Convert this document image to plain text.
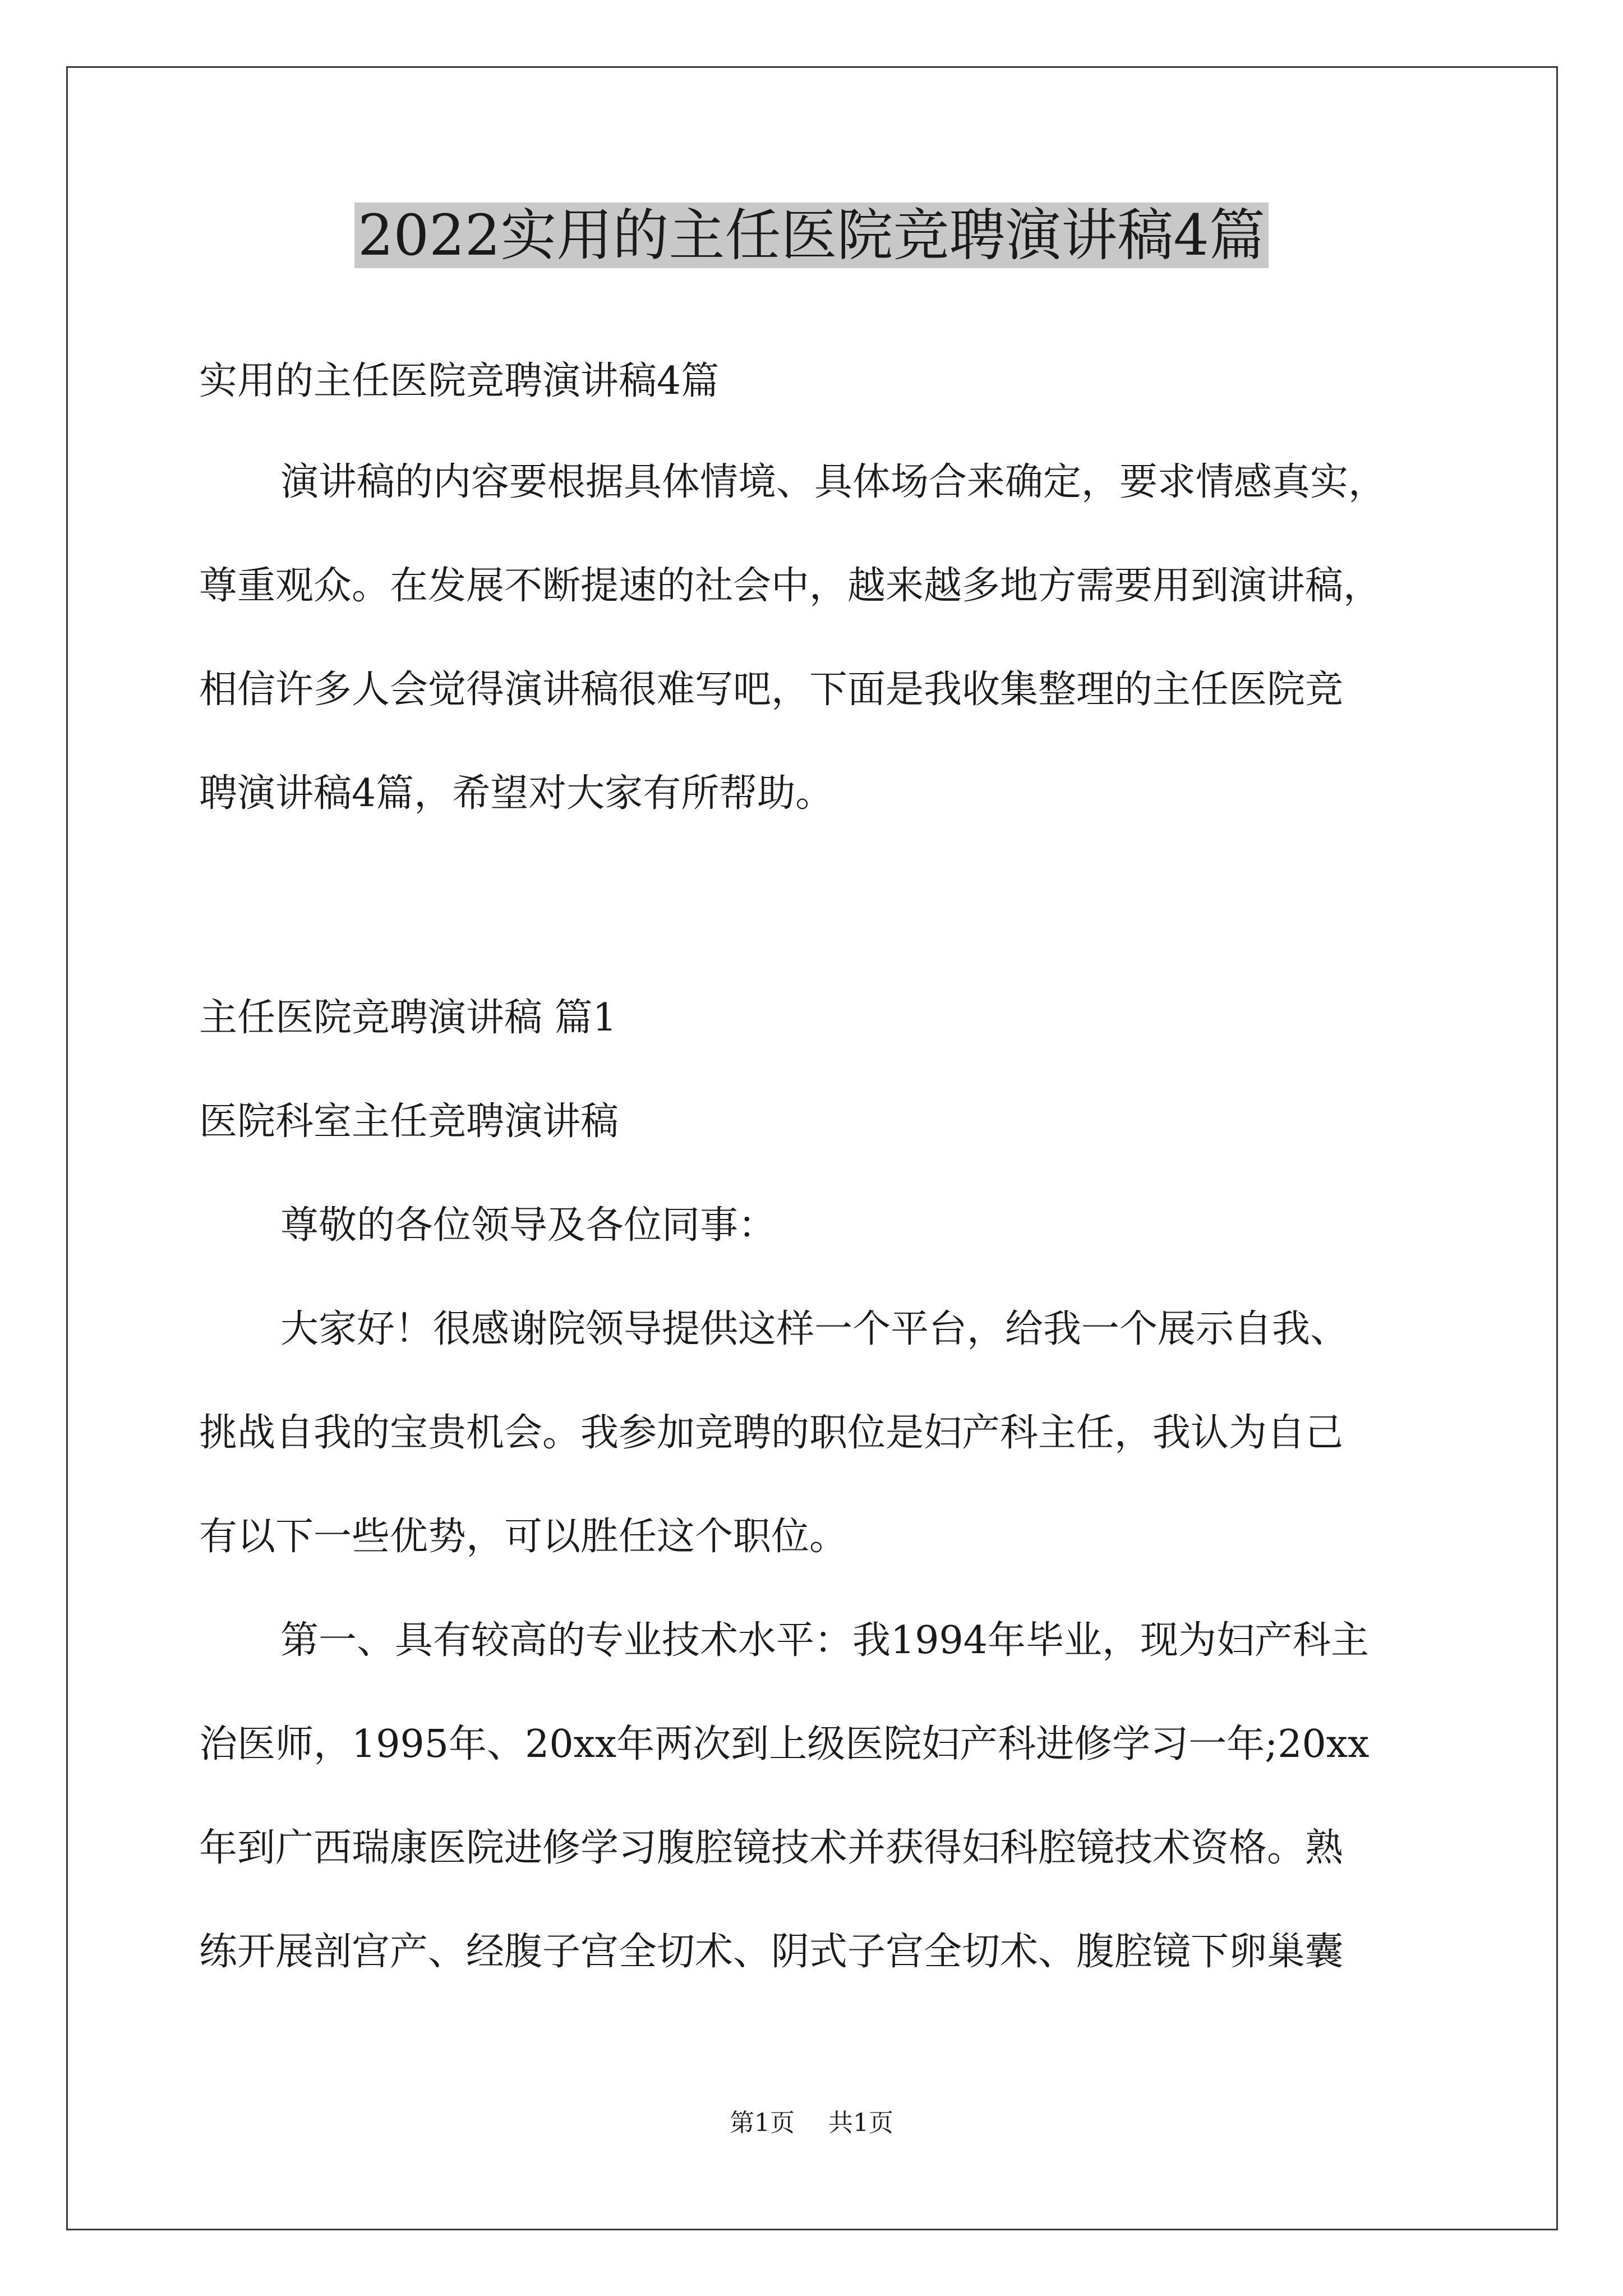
2022实用的主任医院竞聘演讲稿4篇
实用的主任医院竞聘演讲稿4篇
演讲稿的内容要根据具体情境、具体场合来确定，要求情感真实，
尊重观众。在发展不断提速的社会中，越来越多地方需要用到演讲稿，
相信许多人会觉得演讲稿很难写吧，下面是我收集整理的主任医院竞
聘演讲稿4篇，希望对大家有所帮助。
主任医院竞聘演讲稿 篇1
医院科室主任竞聘演讲稿
尊敬的各位领导及各位同事：
大家好！很感谢院领导提供这样一个平台，给我一个展示自我、
挑战自我的宝贵机会。我参加竞聘的职位是妇产科主任，我认为自己
有以下一些优势，可以胜任这个职位。
第一、具有较高的专业技术水平：我1994年毕业，现为妇产科主
治医师，1995年、20xx年两次到上级医院妇产科进修学习一年;20xx
年到广西瑞康医院进修学习腹腔镜技术并获得妇科腔镜技术资格。熟
练开展剖宫产、经腹子宫全切术、阴式子宫全切术、腹腔镜下卵巢囊
第1页 共1页
